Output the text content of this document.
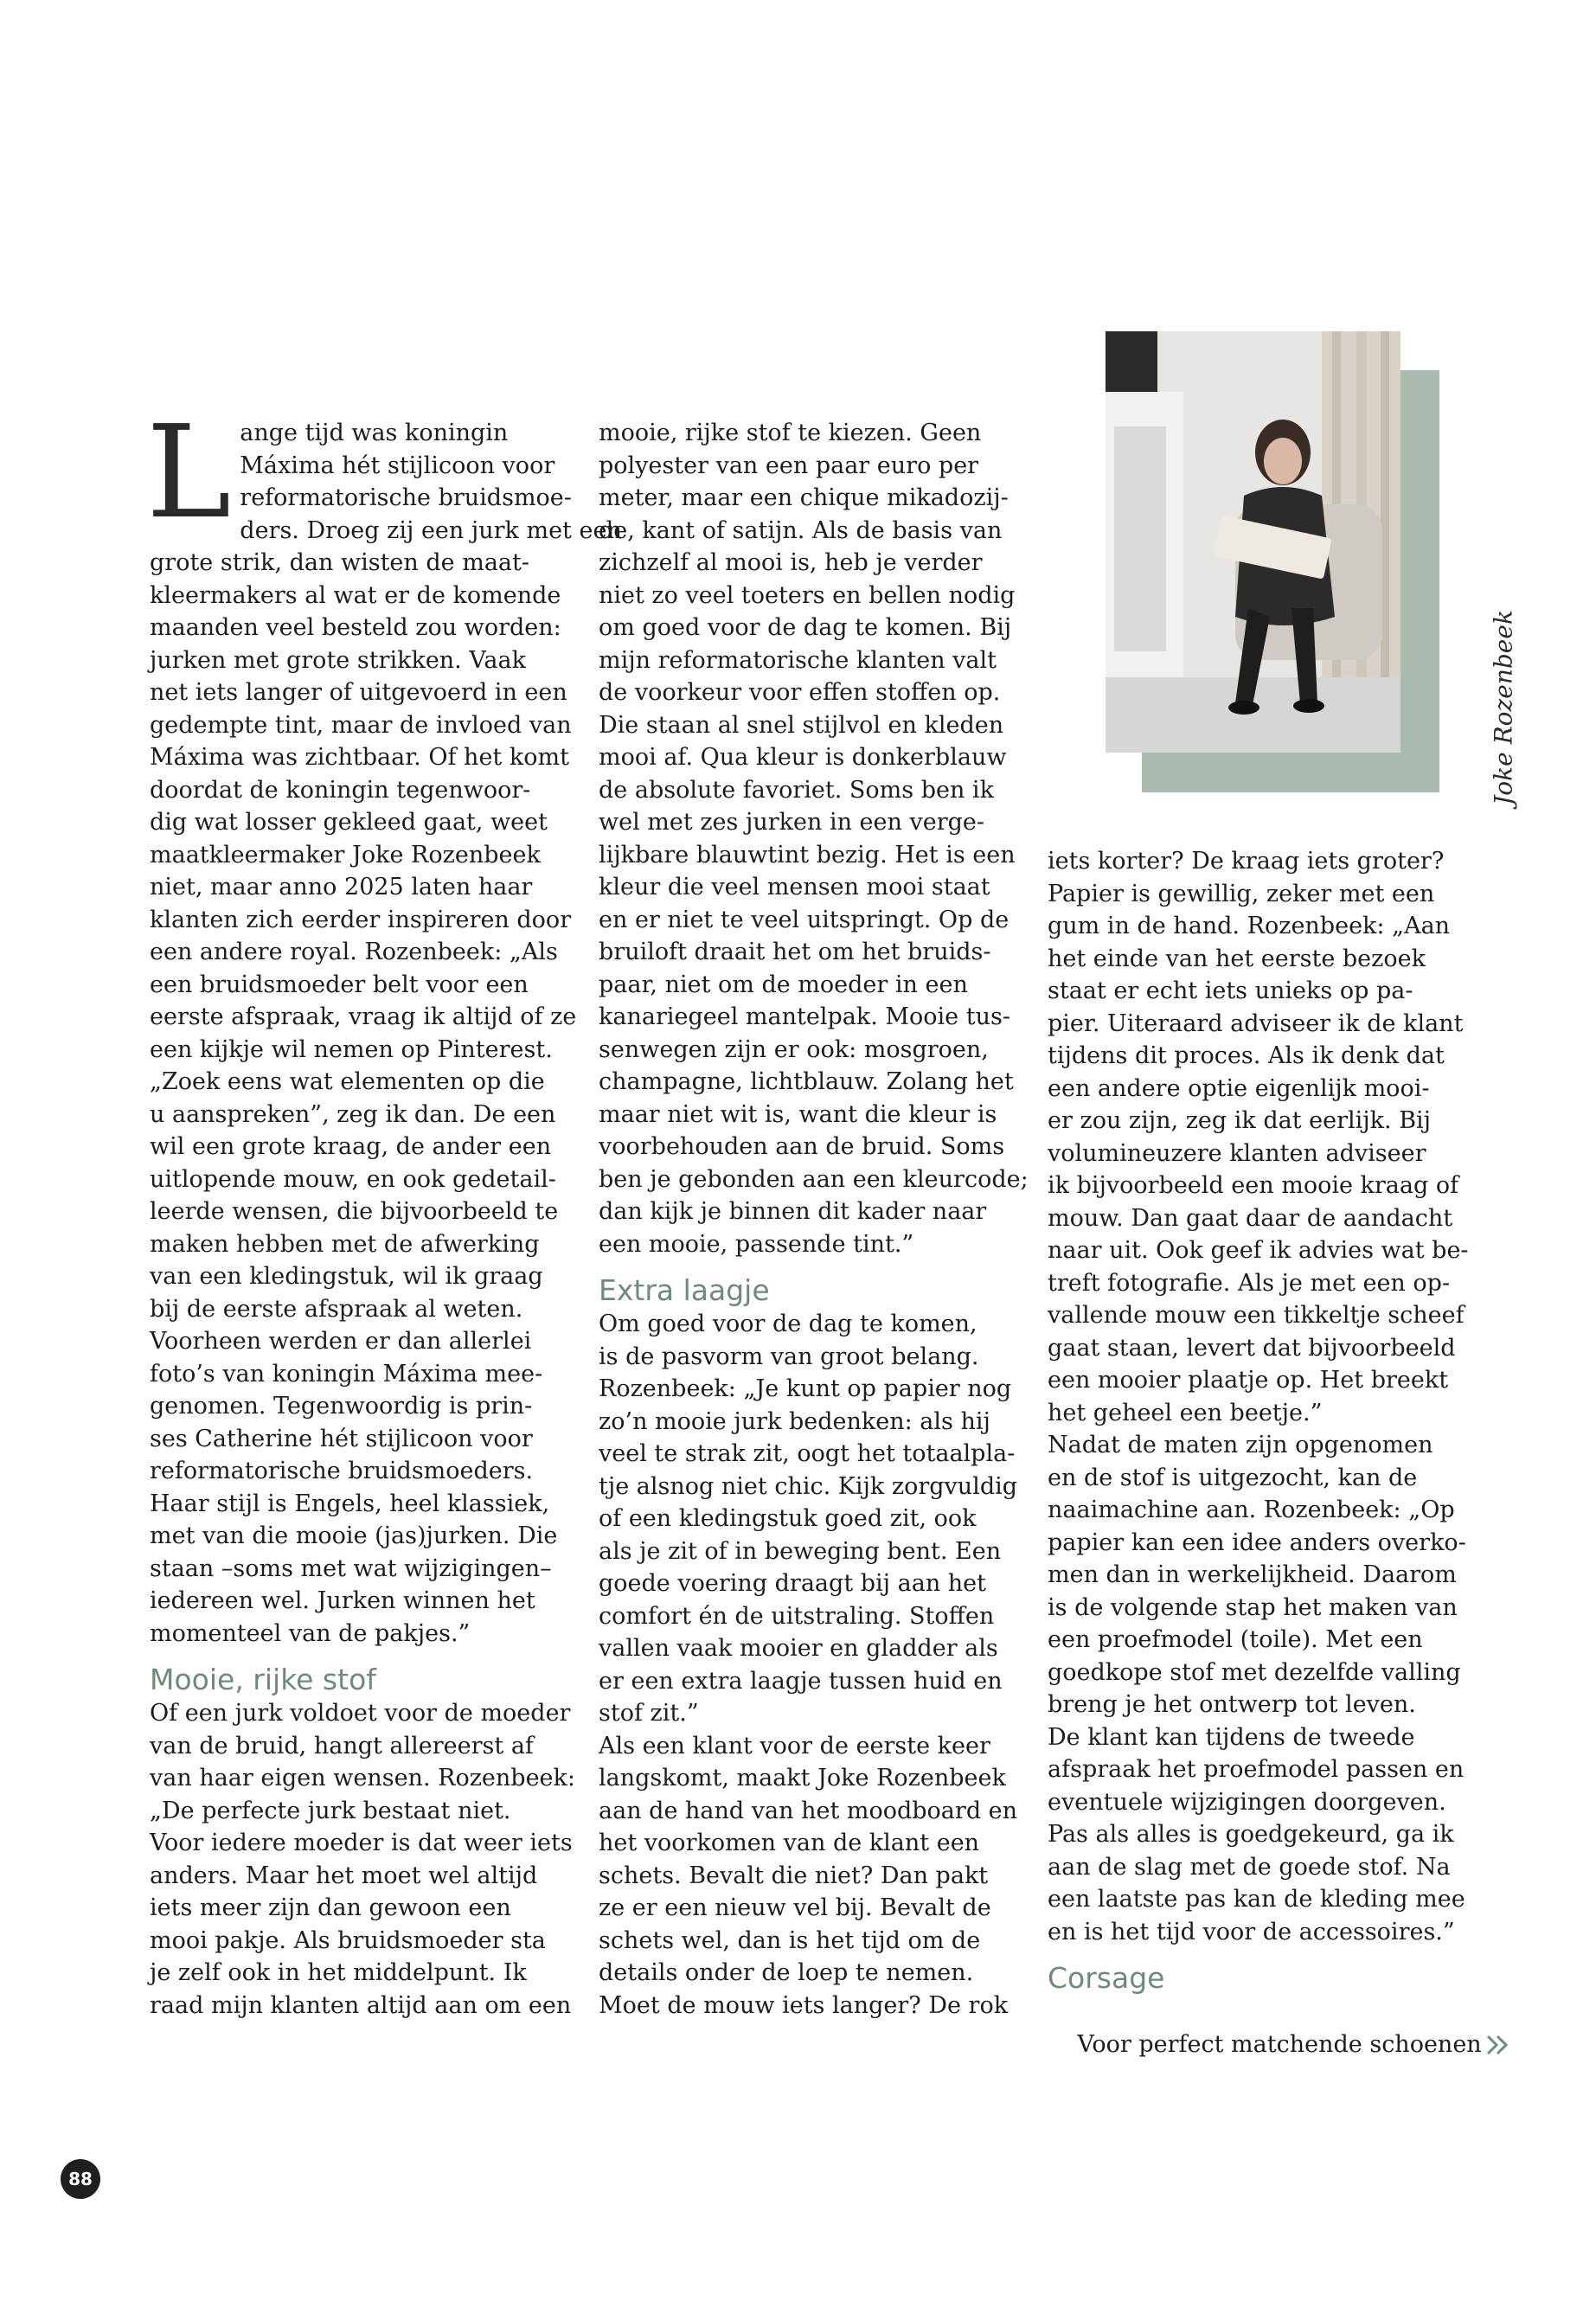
L ange tijd was koningin

Máxima hét stijlicoon voor

reformatorische bruidsmoe-

ders. Droeg zij een jurk met een

grote strik, dan wisten de maat-

kleermakers al wat er de komende

maanden veel besteld zou worden:

jurken met grote strikken. Vaak

net iets langer of uitgevoerd in een

gedempte tint, maar de invloed van

Máxima was zichtbaar. Of het komt

doordat de koningin tegenwoor-

dig wat losser gekleed gaat, weet

maatkleermaker Joke Rozenbeek

niet, maar anno 2025 laten haar

klanten zich eerder inspireren door

een andere royal. Rozenbeek: „Als

een bruidsmoeder belt voor een

eerste afspraak, vraag ik altijd of ze

een kijkje wil nemen op Pinterest.

„Zoek eens wat elementen op die

u aanspreken”, zeg ik dan. De een

wil een grote kraag, de ander een

uitlopende mouw, en ook gedetail-

leerde wensen, die bijvoorbeeld te

maken hebben met de afwerking

van een kledingstuk, wil ik graag

bij de eerste afspraak al weten.

Voorheen werden er dan allerlei

foto’s van koningin Máxima mee-

genomen. Tegenwoordig is prin-

ses Catherine hét stijlicoon voor

reformatorische bruidsmoeders.

Haar stijl is Engels, heel klassiek,

met van die mooie (jas)jurken. Die

staan –soms met wat wijzigingen–

iedereen wel. Jurken winnen het

momenteel van de pakjes.”

Mooie, rijke stof

Of een jurk voldoet voor de moeder

van de bruid, hangt allereerst af

van haar eigen wensen. Rozenbeek:

„De perfecte jurk bestaat niet.

Voor iedere moeder is dat weer iets

anders. Maar het moet wel altijd

iets meer zijn dan gewoon een

mooi pakje. Als bruidsmoeder sta

je zelf ook in het middelpunt. Ik

raad mijn klanten altijd aan om een

mooie, rijke stof te kiezen. Geen

polyester van een paar euro per

meter, maar een chique mikadozij-

de, kant of satijn. Als de basis van

zichzelf al mooi is, heb je verder

niet zo veel toeters en bellen nodig

om goed voor de dag te komen. Bij

mijn reformatorische klanten valt

de voorkeur voor effen stoffen op.

Die staan al snel stijlvol en kleden

mooi af. Qua kleur is donkerblauw

de absolute favoriet. Soms ben ik

wel met zes jurken in een verge-

lijkbare blauwtint bezig. Het is een

kleur die veel mensen mooi staat

en er niet te veel uitspringt. Op de

bruiloft draait het om het bruids-

paar, niet om de moeder in een

kanariegeel mantelpak. Mooie tus-

senwegen zijn er ook: mosgroen,

champagne, lichtblauw. Zolang het

maar niet wit is, want die kleur is

voorbehouden aan de bruid. Soms

ben je gebonden aan een kleurcode;

dan kijk je binnen dit kader naar

een mooie, passende tint.”

Extra laagje

Om goed voor de dag te komen,

is de pasvorm van groot belang.

Rozenbeek: „Je kunt op papier nog

zo’n mooie jurk bedenken: als hij

veel te strak zit, oogt het totaalpla-

tje alsnog niet chic. Kijk zorgvuldig

of een kledingstuk goed zit, ook

als je zit of in beweging bent. Een

goede voering draagt bij aan het

comfort én de uitstraling. Stoffen

vallen vaak mooier en gladder als

er een extra laagje tussen huid en

stof zit.”

Als een klant voor de eerste keer

langskomt, maakt Joke Rozenbeek

aan de hand van het moodboard en

het voorkomen van de klant een

schets. Bevalt die niet? Dan pakt

ze er een nieuw vel bij. Bevalt de

schets wel, dan is het tijd om de

details onder de loep te nemen.

Moet de mouw iets langer? De rok

Joke Rozenbeek

iets korter? De kraag iets groter?

Papier is gewillig, zeker met een

gum in de hand. Rozenbeek: „Aan

het einde van het eerste bezoek

staat er echt iets unieks op pa-

pier. Uiteraard adviseer ik de klant

tijdens dit proces. Als ik denk dat

een andere optie eigenlijk mooi-

er zou zijn, zeg ik dat eerlijk. Bij

volumineuzere klanten adviseer

ik bijvoorbeeld een mooie kraag of

mouw. Dan gaat daar de aandacht

naar uit. Ook geef ik advies wat be-

treft fotografie. Als je met een op-

vallende mouw een tikkeltje scheef

gaat staan, levert dat bijvoorbeeld

een mooier plaatje op. Het breekt

het geheel een beetje.”

Nadat de maten zijn opgenomen

en de stof is uitgezocht, kan de

naaimachine aan. Rozenbeek: „Op

papier kan een idee anders overko-

men dan in werkelijkheid. Daarom

is de volgende stap het maken van

een proefmodel (toile). Met een

goedkope stof met dezelfde valling

breng je het ontwerp tot leven.

De klant kan tijdens de tweede

afspraak het proefmodel passen en

eventuele wijzigingen doorgeven.

Pas als alles is goedgekeurd, ga ik

aan de slag met de goede stof. Na

een laatste pas kan de kleding mee

en is het tijd voor de accessoires.”

Corsage

Voor perfect matchende schoenen

88
